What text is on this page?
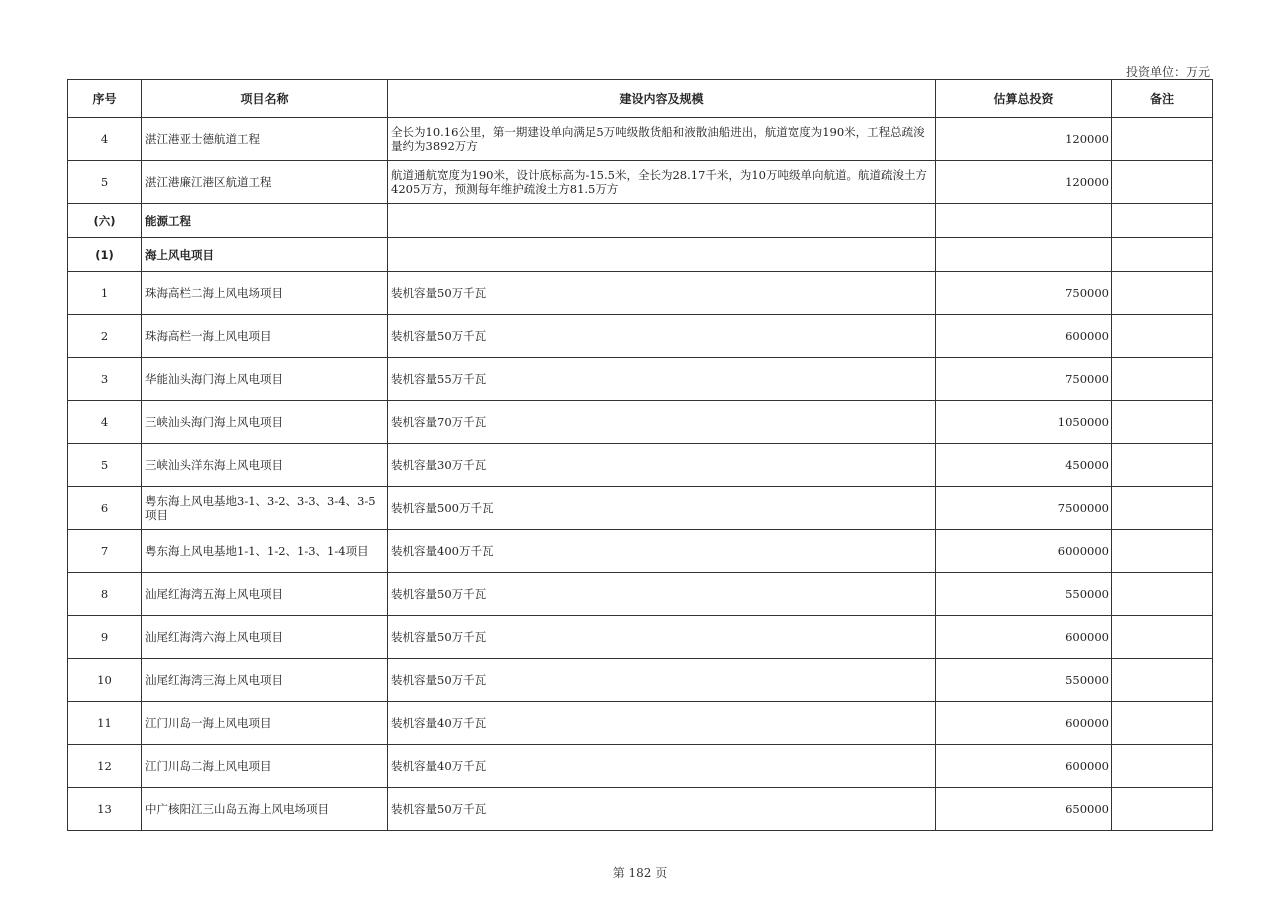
投资单位：万元
序号	项目名称	建设内容及规模	估算总投资	备注
4	湛江港亚士德航道工程	全长为10.16公里，第一期建设单向满足5万吨级散货船和液散油船进出，航道宽度为190米，工程总疏浚量约为3892万方	120000	
5	湛江港廉江港区航道工程	航道通航宽度为190米，设计底标高为-15.5米，全长为28.17千米，为10万吨级单向航道。航道疏浚土方4205万方，预测每年维护疏浚土方81.5万方	120000	
(六)	能源工程			
(1)	海上风电项目			
1	珠海高栏二海上风电场项目	装机容量50万千瓦	750000	
2	珠海高栏一海上风电项目	装机容量50万千瓦	600000	
3	华能汕头海门海上风电项目	装机容量55万千瓦	750000	
4	三峡汕头海门海上风电项目	装机容量70万千瓦	1050000	
5	三峡汕头洋东海上风电项目	装机容量30万千瓦	450000	
6	粤东海上风电基地3-1、3-2、3-3、3-4、3-5项目	装机容量500万千瓦	7500000	
7	粤东海上风电基地1-1、1-2、1-3、1-4项目	装机容量400万千瓦	6000000	
8	汕尾红海湾五海上风电项目	装机容量50万千瓦	550000	
9	汕尾红海湾六海上风电项目	装机容量50万千瓦	600000	
10	汕尾红海湾三海上风电项目	装机容量50万千瓦	550000	
11	江门川岛一海上风电项目	装机容量40万千瓦	600000	
12	江门川岛二海上风电项目	装机容量40万千瓦	600000	
13	中广核阳江三山岛五海上风电场项目	装机容量50万千瓦	650000	
第 182 页
